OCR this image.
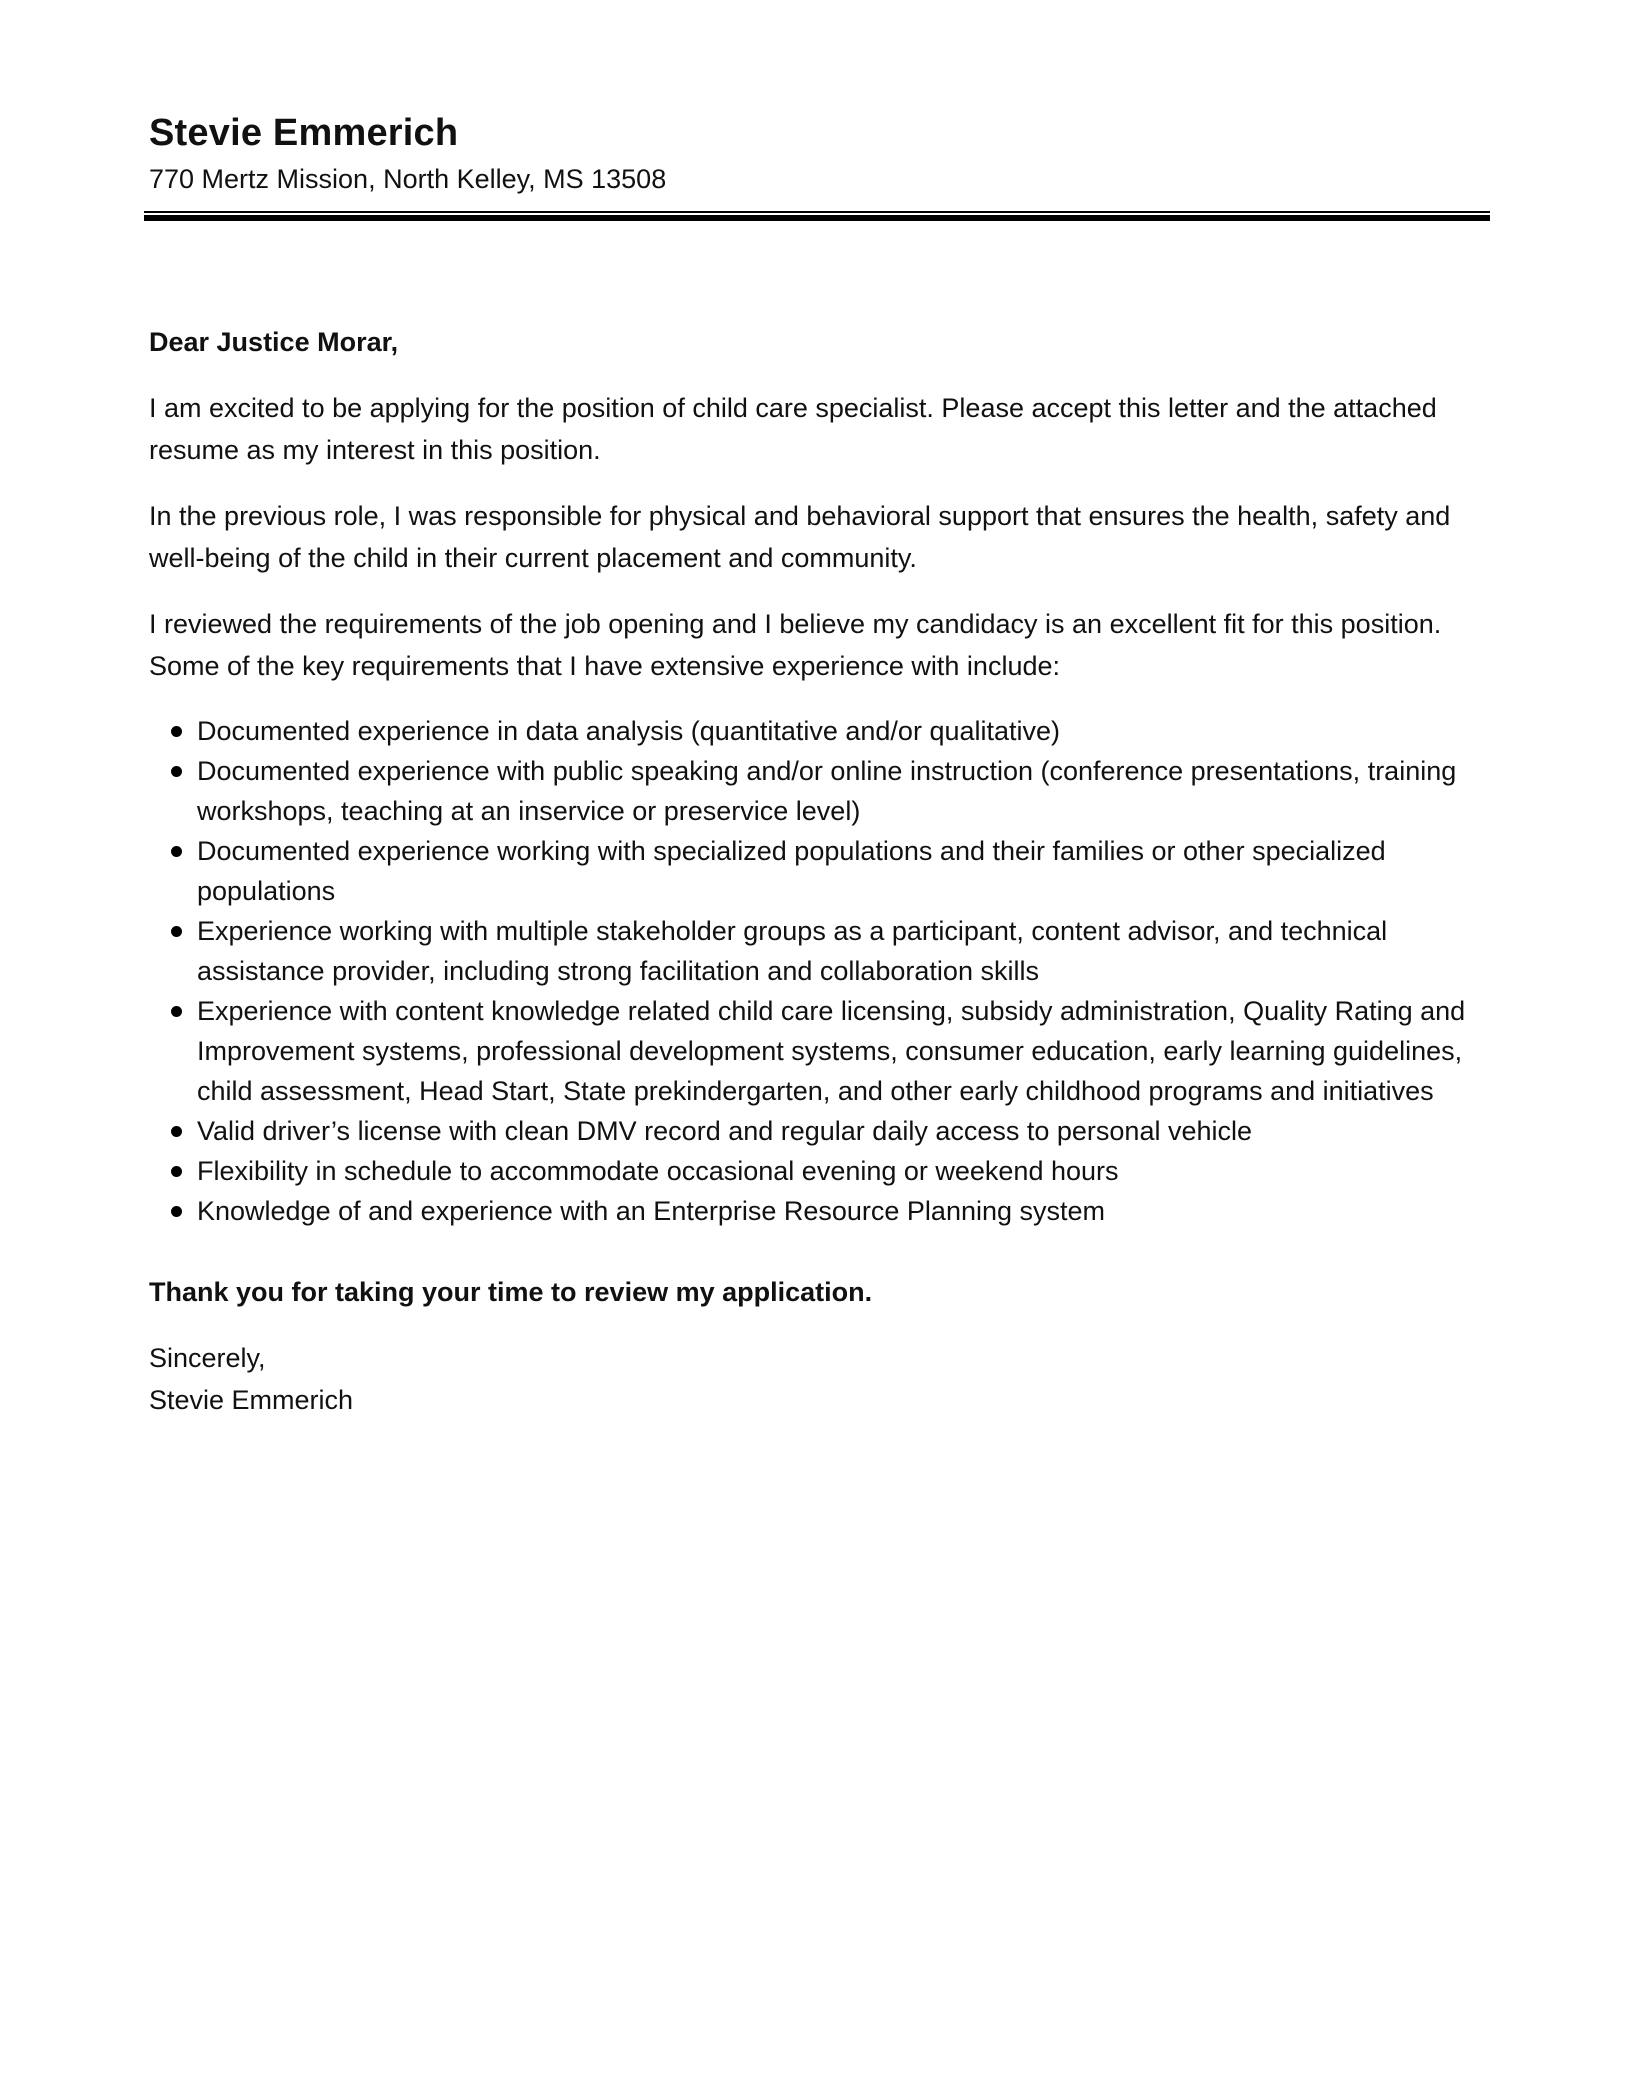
Stevie Emmerich

770 Mertz Mission, North Kelley, MS 13508

Dear Justice Morar,

I am excited to be applying for the position of child care specialist. Please accept this letter and the attached resume as my interest in this position.

In the previous role, I was responsible for physical and behavioral support that ensures the health, safety and well-being of the child in their current placement and community.

I reviewed the requirements of the job opening and I believe my candidacy is an excellent fit for this position. Some of the key requirements that I have extensive experience with include:

Documented experience in data analysis (quantitative and/or qualitative)
Documented experience with public speaking and/or online instruction (conference presentations, training workshops, teaching at an inservice or preservice level)
Documented experience working with specialized populations and their families or other specialized populations
Experience working with multiple stakeholder groups as a participant, content advisor, and technical assistance provider, including strong facilitation and collaboration skills
Experience with content knowledge related child care licensing, subsidy administration, Quality Rating and Improvement systems, professional development systems, consumer education, early learning guidelines, child assessment, Head Start, State prekindergarten, and other early childhood programs and initiatives
Valid driver’s license with clean DMV record and regular daily access to personal vehicle
Flexibility in schedule to accommodate occasional evening or weekend hours
Knowledge of and experience with an Enterprise Resource Planning system

Thank you for taking your time to review my application.

Sincerely,

Stevie Emmerich
